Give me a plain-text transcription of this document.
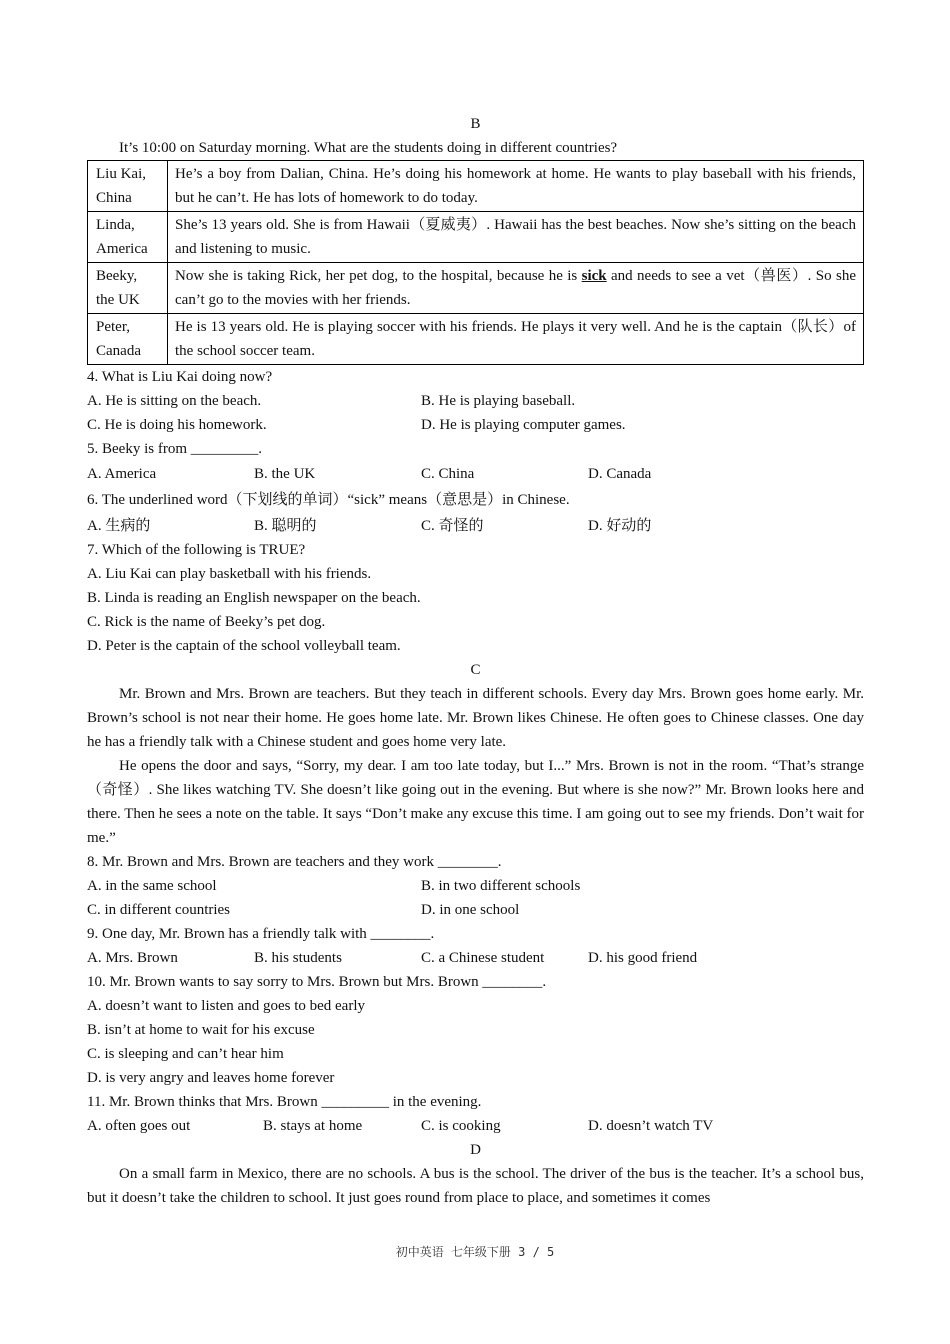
B
It’s 10:00 on Saturday morning. What are the students doing in different countries?
Liu Kai,
China	He’s a boy from Dalian, China. He’s doing his homework at home. He wants to play baseball with his friends, but he can’t. He has lots of homework to do today.
Linda,
America	She’s 13 years old. She is from Hawaii（夏威夷）. Hawaii has the best beaches. Now she’s sitting on the beach and listening to music.
Beeky,
the UK	Now she is taking Rick, her pet dog, to the hospital, because he is sick and needs to see a vet（兽医）. So she can’t go to the movies with her friends.
Peter,
Canada	He is 13 years old. He is playing soccer with his friends. He plays it very well. And he is the captain（队长）of the school soccer team.
4. What is Liu Kai doing now?
A. He is sitting on the beach.	B. He is playing baseball.
C. He is doing his homework.	D. He is playing computer games.
5. Beeky is from _________.
A. America	B. the UK	C. China	D. Canada
6. The underlined word（下划线的单词）“sick” means（意思是）in Chinese.
A. 生病的	B. 聪明的	C. 奇怪的	D. 好动的
7. Which of the following is TRUE?
A. Liu Kai can play basketball with his friends.
B. Linda is reading an English newspaper on the beach.
C. Rick is the name of Beeky’s pet dog.
D. Peter is the captain of the school volleyball team.
C
Mr. Brown and Mrs. Brown are teachers. But they teach in different schools. Every day Mrs. Brown goes home early. Mr. Brown’s school is not near their home. He goes home late. Mr. Brown likes Chinese. He often goes to Chinese classes. One day he has a friendly talk with a Chinese student and goes home very late.
He opens the door and says, “Sorry, my dear. I am too late today, but I...” Mrs. Brown is not in the room. “That’s strange（奇怪）. She likes watching TV. She doesn’t like going out in the evening. But where is she now?” Mr. Brown looks here and there. Then he sees a note on the table. It says “Don’t make any excuse this time. I am going out to see my friends. Don’t wait for me.”
8. Mr. Brown and Mrs. Brown are teachers and they work ________.
A. in the same school	B. in two different schools
C. in different countries	D. in one school
9. One day, Mr. Brown has a friendly talk with ________.
A. Mrs. Brown	B. his students	C. a Chinese student	D. his good friend
10. Mr. Brown wants to say sorry to Mrs. Brown but Mrs. Brown ________.
A. doesn’t want to listen and goes to bed early
B. isn’t at home to wait for his excuse
C. is sleeping and can’t hear him
D. is very angry and leaves home forever
11. Mr. Brown thinks that Mrs. Brown _________ in the evening.
A. often goes out	B. stays at home	C. is cooking	D. doesn’t watch TV
D
On a small farm in Mexico, there are no schools. A bus is the school. The driver of the bus is the teacher. It’s a school bus, but it doesn’t take the children to school. It just goes round from place to place, and sometimes it comes
初中英语 七年级下册 3 / 5
